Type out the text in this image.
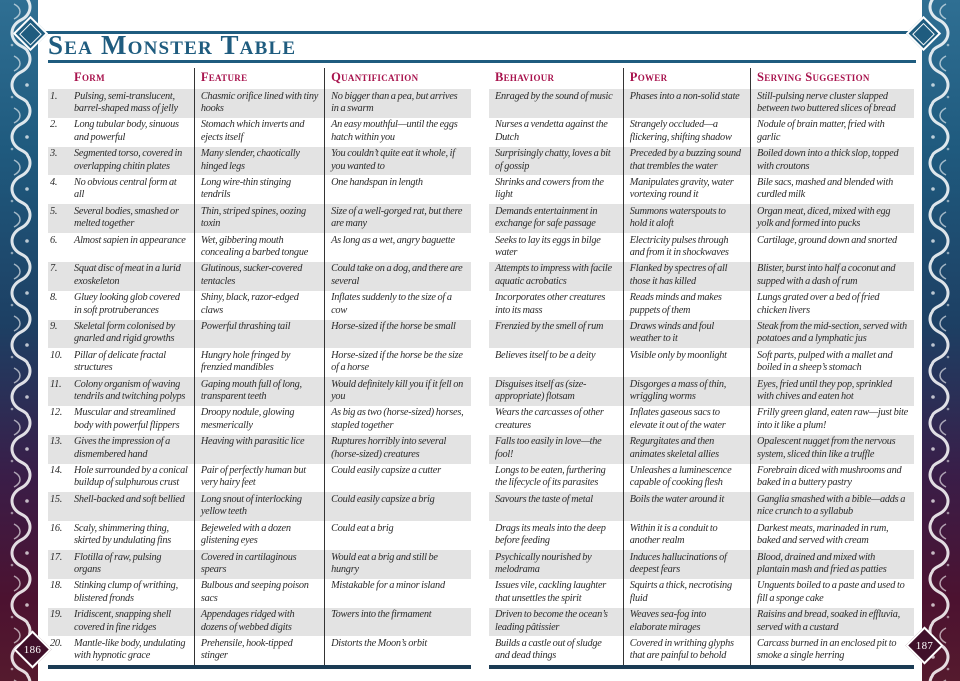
186	187
Sea Monster Table
	Form	Feature	Quantification		Behaviour	Power	Serving Suggestion
1.	Pulsing, semi-translucent, barrel-shaped mass of jelly	Chasmic orifice lined with tiny hooks	No bigger than a pea, but arrives in a swarm		Enraged by the sound of music	Phases into a non-solid state	Still-pulsing nerve cluster slapped between two buttered slices of bread
2.	Long tubular body, sinuous and powerful	Stomach which inverts and ejects itself	An easy mouthful—until the eggs hatch within you		Nurses a vendetta against the Dutch	Strangely occluded—a flickering, shifting shadow	Nodule of brain matter, fried with garlic
3.	Segmented torso, covered in overlapping chitin plates	Many slender, chaotically hinged legs	You couldn’t quite eat it whole, if you wanted to		Surprisingly chatty, loves a bit of gossip	Preceded by a buzzing sound that trembles the water	Boiled down into a thick slop, topped with croutons
4.	No obvious central form at all	Long wire-thin stinging tendrils	One handspan in length		Shrinks and cowers from the light	Manipulates gravity, water vortexing round it	Bile sacs, mashed and blended with curdled milk
5.	Several bodies, smashed or melted together	Thin, striped spines, oozing toxin	Size of a well-gorged rat, but there are many		Demands entertainment in exchange for safe passage	Summons waterspouts to hold it aloft	Organ meat, diced, mixed with egg yolk and formed into pucks
6.	Almost sapien in appearance	Wet, gibbering mouth concealing a barbed tongue	As long as a wet, angry baguette		Seeks to lay its eggs in bilge water	Electricity pulses through and from it in shockwaves	Cartilage, ground down and snorted
7.	Squat disc of meat in a lurid exoskeleton	Glutinous, sucker-covered tentacles	Could take on a dog, and there are several		Attempts to impress with facile aquatic acrobatics	Flanked by spectres of all those it has killed	Blister, burst into half a coconut and supped with a dash of rum
8.	Gluey looking glob covered in soft protruberances	Shiny, black, razor-edged claws	Inflates suddenly to the size of a cow		Incorporates other creatures into its mass	Reads minds and makes puppets of them	Lungs grated over a bed of fried chicken livers
9.	Skeletal form colonised by gnarled and rigid growths	Powerful thrashing tail	Horse-sized if the horse be small		Frenzied by the smell of rum	Draws winds and foul weather to it	Steak from the mid-section, served with potatoes and a lymphatic jus
10.	Pillar of delicate fractal structures	Hungry hole fringed by frenzied mandibles	Horse-sized if the horse be the size of a horse		Believes itself to be a deity	Visible only by moonlight	Soft parts, pulped with a mallet and boiled in a sheep’s stomach
11.	Colony organism of waving tendrils and twitching polyps	Gaping mouth full of long, transparent teeth	Would definitely kill you if it fell on you		Disguises itself as (size-appropriate) flotsam	Disgorges a mass of thin, wriggling worms	Eyes, fried until they pop, sprinkled with chives and eaten hot
12.	Muscular and streamlined body with powerful flippers	Droopy nodule, glowing mesmerically	As big as two (horse-sized) horses, stapled together		Wears the carcasses of other creatures	Inflates gaseous sacs to elevate it out of the water	Frilly green gland, eaten raw—just bite into it like a plum!
13.	Gives the impression of a dismembered hand	Heaving with parasitic lice	Ruptures horribly into several (horse-sized) creatures		Falls too easily in love—the fool!	Regurgitates and then animates skeletal allies	Opalescent nugget from the nervous system, sliced thin like a truffle
14.	Hole surrounded by a conical buildup of sulphurous crust	Pair of perfectly human but very hairy feet	Could easily capsize a cutter		Longs to be eaten, furthering the lifecycle of its parasites	Unleashes a luminescence capable of cooking flesh	Forebrain diced with mushrooms and baked in a buttery pastry
15.	Shell-backed and soft bellied	Long snout of interlocking yellow teeth	Could easily capsize a brig		Savours the taste of metal	Boils the water around it	Ganglia smashed with a bible—adds a nice crunch to a syllabub
16.	Scaly, shimmering thing, skirted by undulating fins	Bejeweled with a dozen glistening eyes	Could eat a brig		Drags its meals into the deep before feeding	Within it is a conduit to another realm	Darkest meats, marinaded in rum, baked and served with cream
17.	Flotilla of raw, pulsing organs	Covered in cartilaginous spears	Would eat a brig and still be hungry		Psychically nourished by melodrama	Induces hallucinations of deepest fears	Blood, drained and mixed with plantain mash and fried as patties
18.	Stinking clump of writhing, blistered fronds	Bulbous and seeping poison sacs	Mistakable for a minor island		Issues vile, cackling laughter that unsettles the spirit	Squirts a thick, necrotising fluid	Unguents boiled to a paste and used to fill a sponge cake
19.	Iridiscent, snapping shell covered in fine ridges	Appendages ridged with dozens of webbed digits	Towers into the firmament		Driven to become the ocean’s leading pâtissier	Weaves sea-fog into elaborate mirages	Raisins and bread, soaked in effluvia, served with a custard
20.	Mantle-like body, undulating with hypnotic grace	Prehensile, hook-tipped stinger	Distorts the Moon’s orbit		Builds a castle out of sludge and dead things	Covered in writhing glyphs that are painful to behold	Carcass burned in an enclosed pit to smoke a single herring
